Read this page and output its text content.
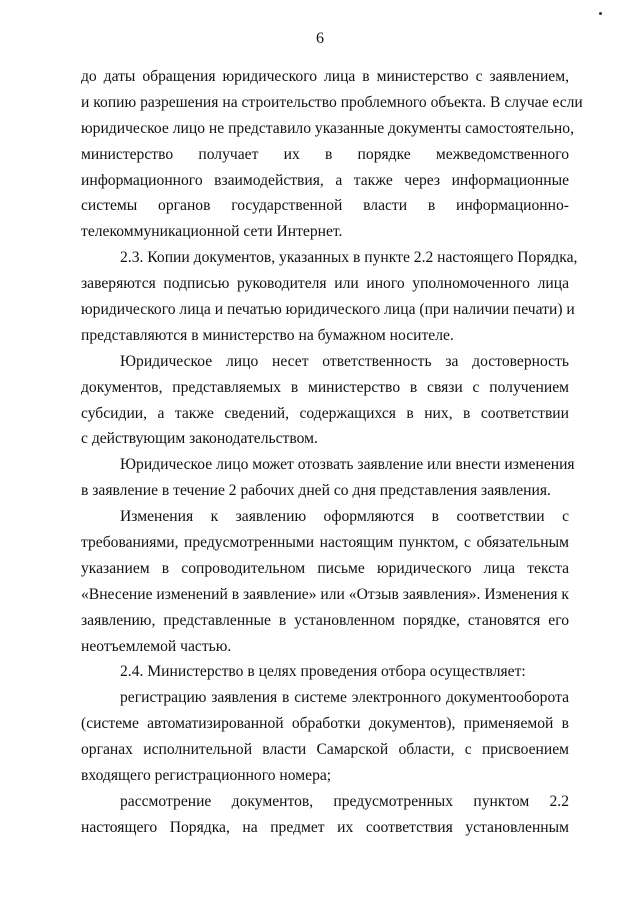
6
до даты обращения юридического лица в министерство с заявлением,
и копию разрешения на строительство проблемного объекта. В случае если
юридическое лицо не представило указанные документы самостоятельно,
министерство получает их в порядке межведомственного
информационного взаимодействия, а также через информационные
системы органов государственной власти в информационно-
телекоммуникационной сети Интернет.
2.3. Копии документов, указанных в пункте 2.2 настоящего Порядка,
заверяются подписью руководителя или иного уполномоченного лица
юридического лица и печатью юридического лица (при наличии печати) и
представляются в министерство на бумажном носителе.
Юридическое лицо несет ответственность за достоверность
документов, представляемых в министерство в связи с получением
субсидии, а также сведений, содержащихся в них, в соответствии
с действующим законодательством.
Юридическое лицо может отозвать заявление или внести изменения
в заявление в течение 2 рабочих дней со дня представления заявления.
Изменения к заявлению оформляются в соответствии с
требованиями, предусмотренными настоящим пунктом, с обязательным
указанием в сопроводительном письме юридического лица текста
«Внесение изменений в заявление» или «Отзыв заявления». Изменения к
заявлению, представленные в установленном порядке, становятся его
неотъемлемой частью.
2.4. Министерство в целях проведения отбора осуществляет:
регистрацию заявления в системе электронного документооборота
(системе автоматизированной обработки документов), применяемой в
органах исполнительной власти Самарской области, с присвоением
входящего регистрационного номера;
рассмотрение документов, предусмотренных пунктом 2.2
настоящего Порядка, на предмет их соответствия установленным
